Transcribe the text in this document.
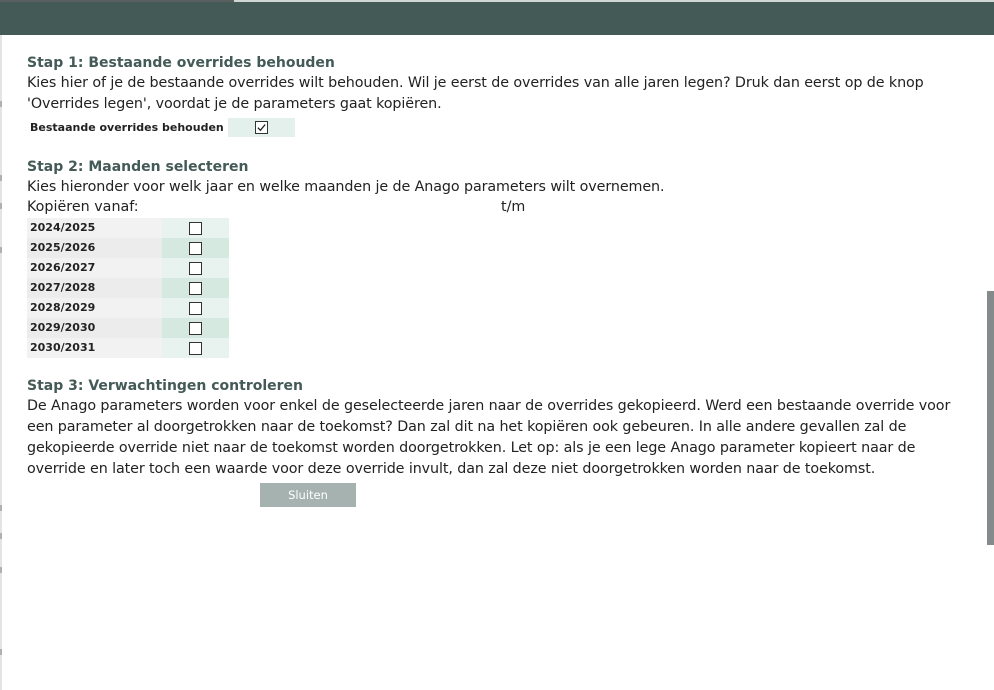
Stap 1: Bestaande overrides behouden
Kies hier of je de bestaande overrides wilt behouden. Wil je eerst de overrides van alle jaren legen? Druk dan eerst op de knop 'Overrides legen', voordat je de parameters gaat kopiëren.
Bestaande overrides behouden
Stap 2: Maanden selecteren
Kies hieronder voor welk jaar en welke maanden je de Anago parameters wilt overnemen.
Kopiëren vanaf:	t/m
2024/2025
2025/2026
2026/2027
2027/2028
2028/2029
2029/2030
2030/2031
Stap 3: Verwachtingen controleren
De Anago parameters worden voor enkel de geselecteerde jaren naar de overrides gekopieerd. Werd een bestaande override voor een parameter al doorgetrokken naar de toekomst? Dan zal dit na het kopiëren ook gebeuren. In alle andere gevallen zal de gekopieerde override niet naar de toekomst worden doorgetrokken. Let op: als je een lege Anago parameter kopieert naar de override en later toch een waarde voor deze override invult, dan zal deze niet doorgetrokken worden naar de toekomst.
Sluiten
